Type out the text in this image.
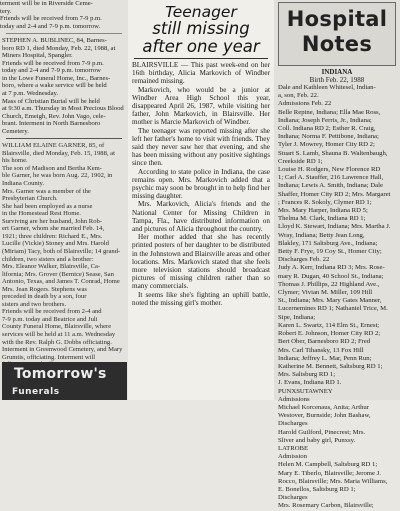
terment will be in Riverside Ceme-

tery.

Friends will be received from 7-9 p.m.

today and 2-4 and 7-9 p.m. tomorrow.

STEPHEN A. BUBLINEC, 84, Barnes-

boro RD 1, died Monday, Feb. 22, 1988, at

Miners Hospital, Spangler.

Friends will be received from 7-9 p.m.

today and 2-4 and 7-9 p.m. tomorrow

in the Lowe Funeral Home, Inc., Barnes-

boro, where a wake service will be held

at 7 p.m. Wednesday.

Mass of Christian Burial will be held

at 9:30 a.m. Thursday in Most Precious Blood

Church, Emeigh, Rev. John Vago, cele-

brant. Interment in North Barnesboro

Cemetery.

WILLIAM ELAINE GARNER, 85, of

Blairsville, died Monday, Feb. 15, 1988, at

his home.

The son of Madison and Bertha Kem-

ble Garner, he was born Aug. 22, 1902, in

Indiana County.

Mrs. Garner was a member of the

Presbyterian Church.

She had been employed as a nurse

in the Homestead Rest Home.

Surviving are her husband, John Rob-

ert Garner, whom she married Feb. 14,

1921; three children: Richard E., Mrs.

Lucille (Vickie) Stoney and Mrs. Harold

(Miriam) Tacy, both of Blairsville; 14 grand-

children, two sisters and a brother:

Mrs. Eleanor Walker, Blairsville, Ca-

lifornia; Mrs. Grover (Bernice) Sease, San

Antonio, Texas, and James T. Conrad, Home

Mrs. Jean Rogers. Stephens was

preceded in death by a son, four

sisters and two brothers.

Friends will be received from 2-4 and

7-9 p.m. today and Beatrice and Juli

County Funeral Home, Blairsville, where

services will be held at 11 a.m. Wednesday

with the Rev. Ralph G. Dobbs officiating.

Interment in Greenwood Cemetery, and Mary

Grumtis, officiating. Interment will

Tomorrow's
Funerals
Teenager
still missing
after one year

BLAIRSVILLE — This past week-end on her 16th birthday, Alicia Markovich of Windber remained missing.

Markovich, who would be a junior at Windber Area High School this year, disappeared April 26, 1987, while visiting her father, John Markovich, in Blairsville. Her mother is Marcie Markovich of Windber.

The teenager was reported missing after she left her father's home to visit with friends. They said they never saw her that evening, and she has been missing without any positive sightings since then.

According to state police in Indiana, the case remains open. Mrs. Markovich added that a psychic may soon be brought in to help find her missing daughter.

Mrs. Markovich, Alicia's friends and the National Center for Missing Children in Tampa, Fla., have distributed information on and pictures of Alicia throughout the country.

Her mother added that she has recently printed posters of her daughter to be distributed in the Johnstown and Blairsville areas and other locations. Mrs. Markovich stated that she feels more television stations should broadcast pictures of missing children rather than so many commercials.

It seems like she's fighting an uphill battle, noted the missing girl's mother.

Hospital
Notes

INDIANA

Birth Feb. 22, 1988

Dale and Kathleen Whitesel, Indian-

a, son, Feb. 22.

Admissions Feb. 22

Belle Repine, Indiana; Ella Mae Ross,

Indiana; Joseph Ferris, Jr., Indiana;

Coll. Indiana RD 2; Esther R. Craig,

Indiana; Norma F. Pettibone, Indiana;

Tyler J. Mowrey, Homer City RD 2;

Stuart S. Lamb, Shauna B. Waltenbaugh,

Creekside RD 1;

Louise H. Rodgers, New Florence RD

1; Carl A. Stauffer, 216 Lawrence Hall,

Indiana; Lewis A. Smith, Indiana; Dale

Shaffer, Homer City RD 2; Mrs. Margaret

; Frances R. Sokoly, Clymer RD 1;

Mrs. Mary Harper, Indiana RD 5;

Thelma M. Clark, Indiana RD 1;

Lloyd K. Stewart, Indiana; Mrs. Martha J.

Wray, Indiana; Betty Jean Long,

Blakley, 171 Saltsburg Ave., Indiana;

Betty F. Frye, 19 Coy St., Homer City;

Discharges Feb. 22

Judy A. Kerr, Indiana RD 3; Mrs. Rose-

mary R. Dugan, 40 School St., Indiana;

Thomas J. Phillips, 22 Highland Ave.,

Clymer; Vivian M. Miller, 109 Hill

St., Indiana; Mrs. Mary Gates Manner,

Lucernemines RD 1; Nathaniel Trice, M.

Sipe, Indiana;

Karen L. Swartz, 114 Elm St., Ernest;

Robert E. Johnson, Homer City RD 2;

Bert Ober, Barnesboro RD 2; Fred

Mrs. Carl Tihansky, 13 Fox Hill

Indiana; Jeffrey L. Mar, Penn Run;

Katherine M. Bennett, Saltsburg RD 1;

Mrs. Saltsburg RD 1;

J. Evans, Indiana RD 1.

PUNXSUTAWNEY

Admissions

Michael Korcenaus, Anita; Arthur

Westover, Burnside; John Bashaw,

Discharges

Harold Guilford, Pinecrest; Mrs.

Sliver and baby girl, Punxsy.

LATROBE

Admission

Helen M. Campbell, Saltsburg RD 1;

Mary E. Tiberlo, Blairsville; Jerome J.

Rocco, Blairsville; Mrs. Maria Williams,

E. Bonellos, Saltsburg RD 1;

Discharges

Mrs. Rosemary Carbon, Blairsville;
